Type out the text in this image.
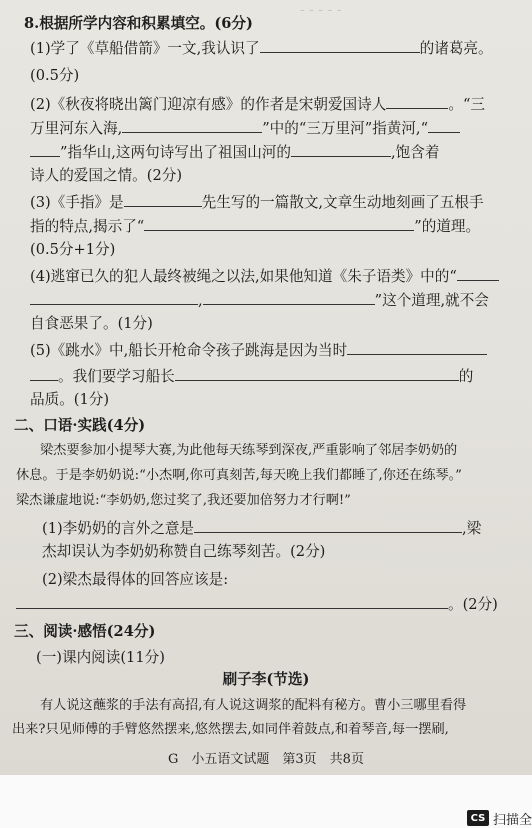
- - - - -
8.根据所学内容和积累填空。(6分)
(1)学了《草船借箭》一文,我认识了	的诸葛亮。
(0.5分)
(2)《秋夜将晓出篱门迎凉有感》的作者是宋朝爱国诗人	。“三
万里河东入海,	”中的“三万里河”指黄河,“
”指华山,这两句诗写出了祖国山河的	,饱含着
诗人的爱国之情。(2分)
(3)《手指》是	先生写的一篇散文,文章生动地刻画了五根手
指的特点,揭示了“	”的道理。
(0.5分+1分)
(4)逃窜已久的犯人最终被绳之以法,如果他知道《朱子语类》中的“
,	”这个道理,就不会
自食恶果了。(1分)
(5)《跳水》中,船长开枪命令孩子跳海是因为当时
。我们要学习船长	的
品质。(1分)
二、口语·实践(4分)
梁杰要参加小提琴大赛,为此他每天练琴到深夜,严重影响了邻居李奶奶的
休息。于是李奶奶说:“小杰啊,你可真刻苦,每天晚上我们都睡了,你还在练琴。”
梁杰谦虚地说:“李奶奶,您过奖了,我还要加倍努力才行啊!”
(1)李奶奶的言外之意是	,梁
杰却误认为李奶奶称赞自己练琴刻苦。(2分)
(2)梁杰最得体的回答应该是:
。(2分)
三、阅读·感悟(24分)
(一)课内阅读(11分)
刷子李(节选)
有人说这蘸浆的手法有高招,有人说这调浆的配料有秘方。曹小三哪里看得
出来?只见师傅的手臂悠然摆来,悠然摆去,如同伴着鼓点,和着琴音,每一摆刷,
G　小五语文试题　第3页　共8页
CS 扫描全
